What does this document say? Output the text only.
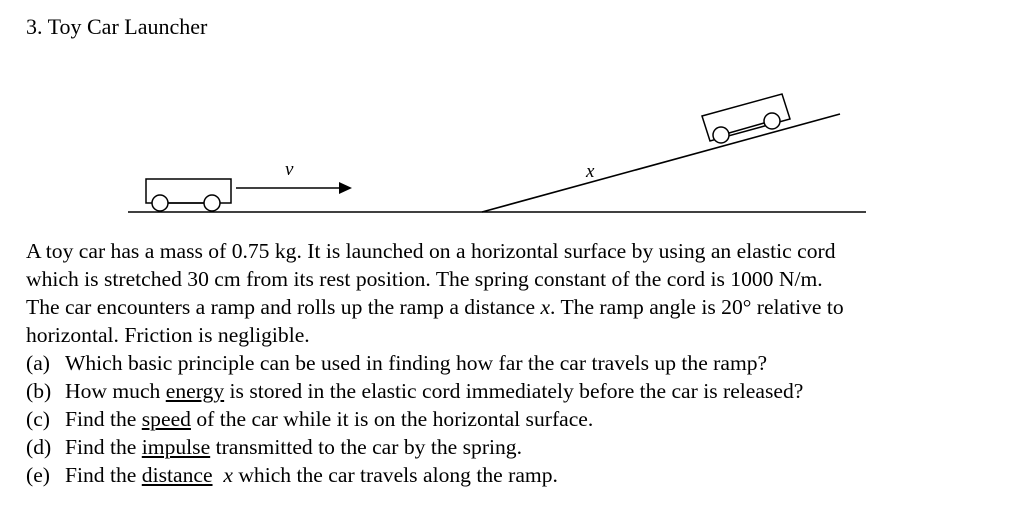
3. Toy Car Launcher
v	x
A toy car has a mass of 0.75 kg. It is launched on a horizontal surface by using an elastic cord
which is stretched 30 cm from its rest position. The spring constant of the cord is 1000 N/m.
The car encounters a ramp and rolls up the ramp a distance x. The ramp angle is 20° relative to
horizontal. Friction is negligible.
(a) Which basic principle can be used in finding how far the car travels up the ramp?
(b) How much energy is stored in the elastic cord immediately before the car is released?
(c) Find the speed of the car while it is on the horizontal surface.
(d) Find the impulse transmitted to the car by the spring.
(e) Find the distance x which the car travels along the ramp.
